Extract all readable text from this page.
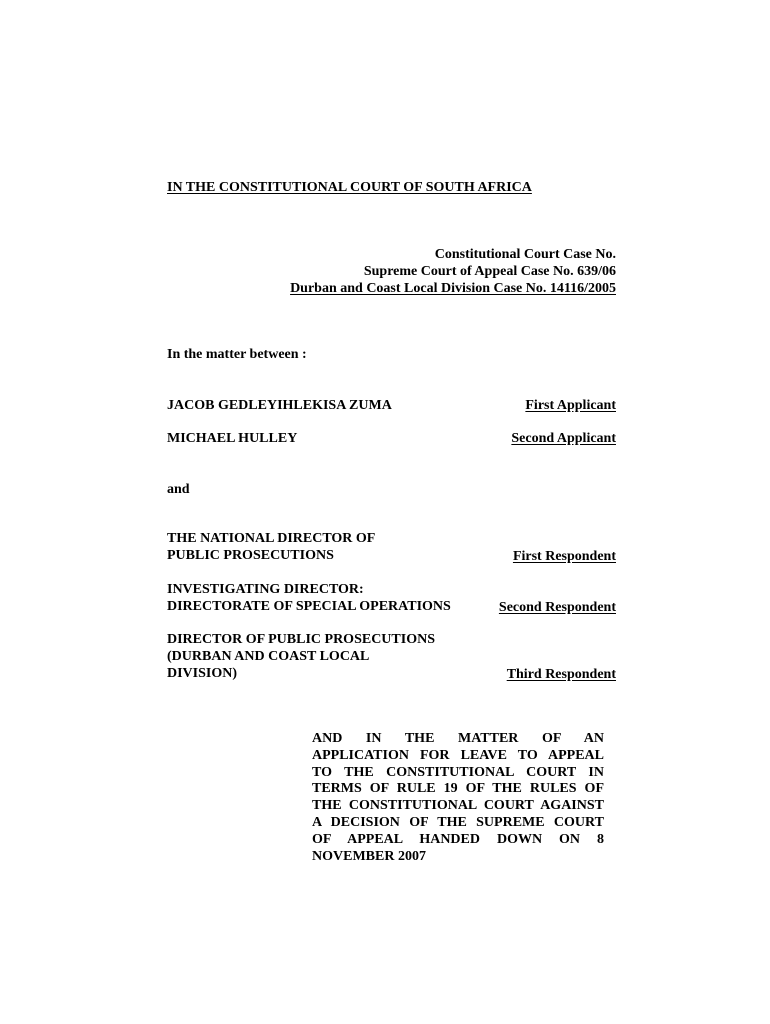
IN THE CONSTITUTIONAL COURT OF SOUTH AFRICA
Constitutional Court Case No.
Supreme Court of Appeal Case No. 639/06
Durban and Coast Local Division Case No. 14116/2005
In the matter between :
JACOB GEDLEYIHLEKISA ZUMA	First Applicant
MICHAEL HULLEY	Second Applicant
and
THE NATIONAL DIRECTOR OF
PUBLIC PROSECUTIONS	First Respondent
INVESTIGATING DIRECTOR:
DIRECTORATE OF SPECIAL OPERATIONS	Second Respondent
DIRECTOR OF PUBLIC PROSECUTIONS
(DURBAN AND COAST LOCAL
DIVISION)	Third Respondent
AND IN THE MATTER OF AN
APPLICATION FOR LEAVE TO APPEAL
TO THE CONSTITUTIONAL COURT IN
TERMS OF RULE 19 OF THE RULES OF
THE CONSTITUTIONAL COURT AGAINST
A DECISION OF THE SUPREME COURT
OF APPEAL HANDED DOWN ON 8
NOVEMBER 2007
